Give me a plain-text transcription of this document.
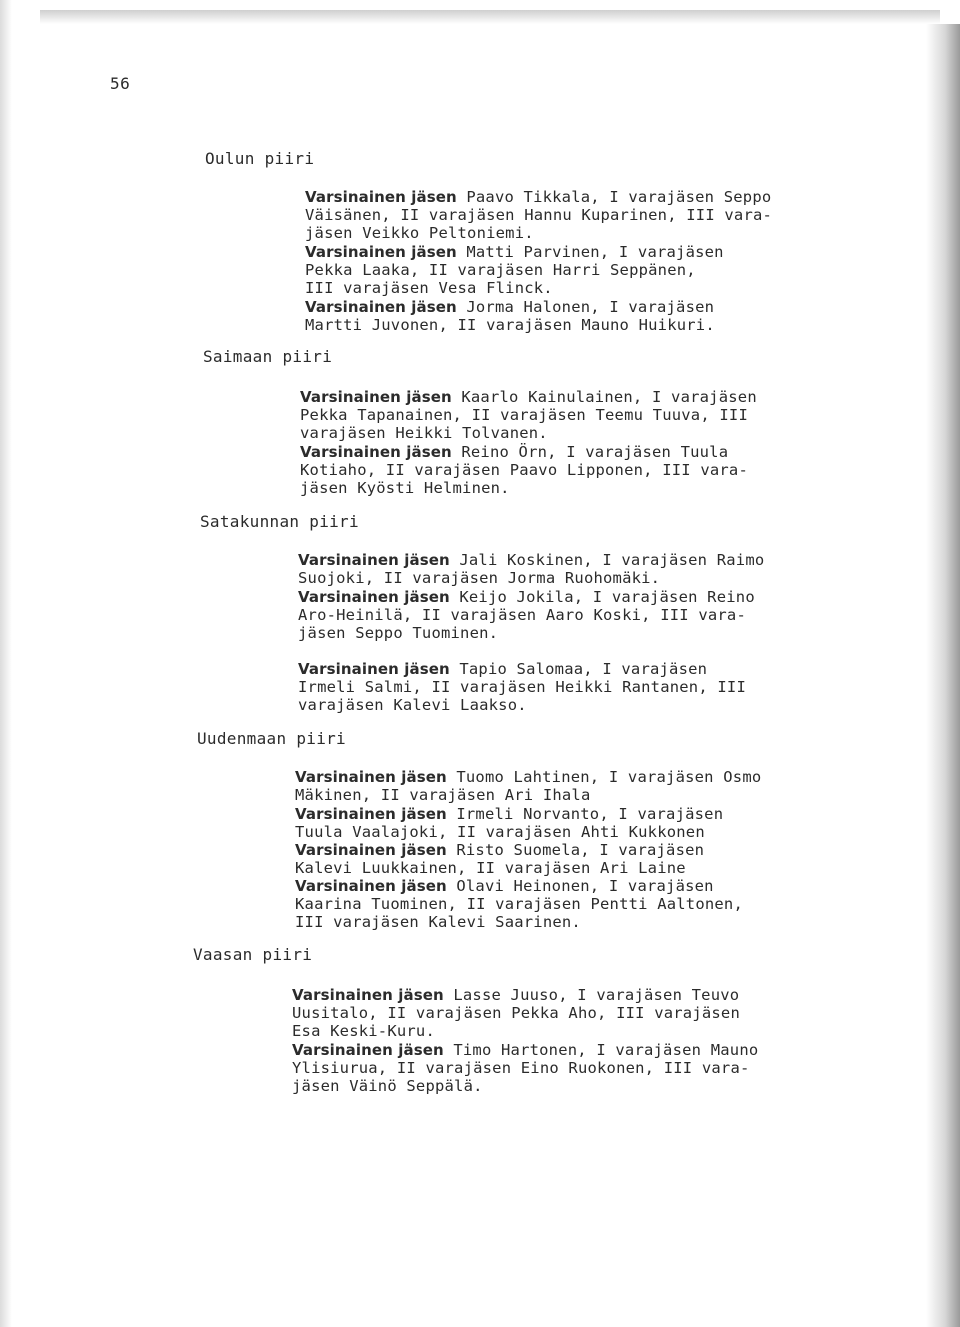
56
Oulun piiri
Varsinainen jäsen Paavo Tikkala, I varajäsen Seppo
Väisänen, II varajäsen Hannu Kuparinen, III vara-
jäsen Veikko Peltoniemi.
Varsinainen jäsen Matti Parvinen, I varajäsen
Pekka Laaka, II varajäsen Harri Seppänen,
III varajäsen Vesa Flinck.
Varsinainen jäsen Jorma Halonen, I varajäsen
Martti Juvonen, II varajäsen Mauno Huikuri.
Saimaan piiri
Varsinainen jäsen Kaarlo Kainulainen, I varajäsen
Pekka Tapanainen, II varajäsen Teemu Tuuva, III
varajäsen Heikki Tolvanen.
Varsinainen jäsen Reino Örn, I varajäsen Tuula
Kotiaho, II varajäsen Paavo Lipponen, III vara-
jäsen Kyösti Helminen.
Satakunnan piiri
Varsinainen jäsen Jali Koskinen, I varajäsen Raimo
Suojoki, II varajäsen Jorma Ruohomäki.
Varsinainen jäsen Keijo Jokila, I varajäsen Reino
Aro-Heinilä, II varajäsen Aaro Koski, III vara-
jäsen Seppo Tuominen.
Varsinainen jäsen Tapio Salomaa, I varajäsen
Irmeli Salmi, II varajäsen Heikki Rantanen, III
varajäsen Kalevi Laakso.
Uudenmaan piiri
Varsinainen jäsen Tuomo Lahtinen, I varajäsen Osmo
Mäkinen, II varajäsen Ari Ihala
Varsinainen jäsen Irmeli Norvanto, I varajäsen
Tuula Vaalajoki, II varajäsen Ahti Kukkonen
Varsinainen jäsen Risto Suomela, I varajäsen
Kalevi Luukkainen, II varajäsen Ari Laine
Varsinainen jäsen Olavi Heinonen, I varajäsen
Kaarina Tuominen, II varajäsen Pentti Aaltonen,
III varajäsen Kalevi Saarinen.
Vaasan piiri
Varsinainen jäsen Lasse Juuso, I varajäsen Teuvo
Uusitalo, II varajäsen Pekka Aho, III varajäsen
Esa Keski-Kuru.
Varsinainen jäsen Timo Hartonen, I varajäsen Mauno
Ylisiurua, II varajäsen Eino Ruokonen, III vara-
jäsen Väinö Seppälä.
